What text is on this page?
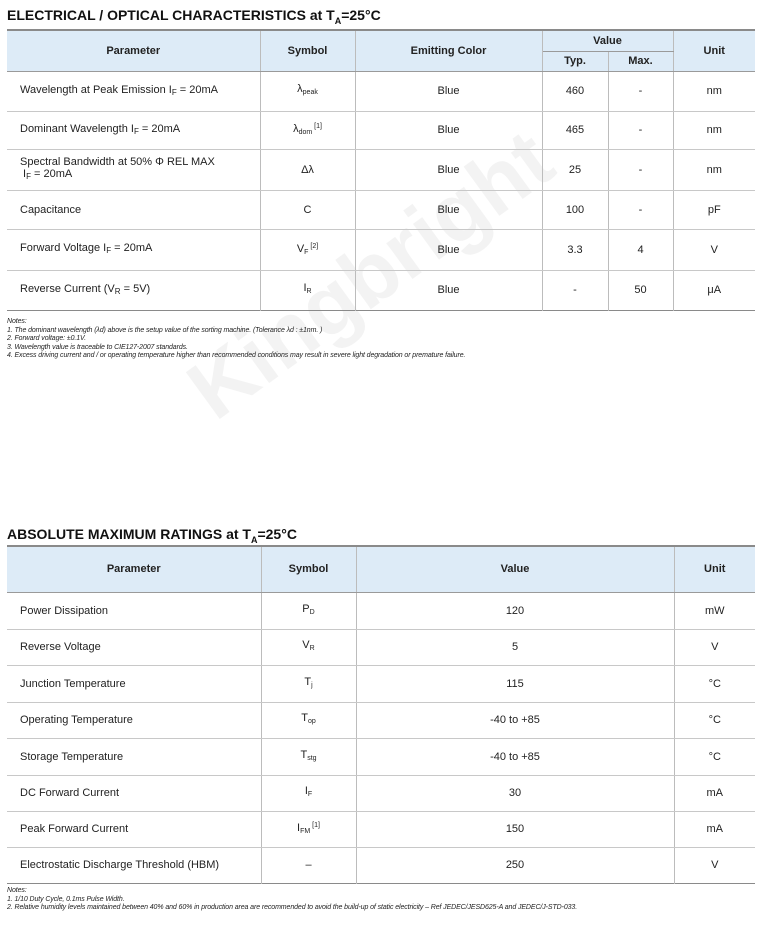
ELECTRICAL / OPTICAL CHARACTERISTICS at $T_A=25^\circ C$
Parameter	Symbol	Emitting Color	Value		Unit
			Typ.	Max.	
Wavelength at Peak Emission IF = 20mA	$\lambda_{peak}$	Blue	460	-	nm
Dominant Wavelength IF = 20mA	$\lambda_{dom}$ [1]	Blue	465	-	nm

Spectral Bandwidth at 50% Φ REL MAX
IF = 20mA	Δλ	Blue	25	-	nm
Capacitance	C	Blue	100	-	pF
Forward Voltage IF = 20mA	$V_F$ [2]	Blue	3.3	4	V
Reverse Current (VR = 5V)	$I_R$	Blue	-	50	μA
Notes:
1. The dominant wavelength (λd) above is the setup value of the sorting machine. (Tolerance λd : ±1nm. )
2. Forward voltage: ±0.1V.
3. Wavelength value is traceable to CIE127-2007 standards.
4. Excess driving current and / or operating temperature higher than recommended conditions may result in severe light degradation or premature failure.
ABSOLUTE MAXIMUM RATINGS at $T_A=25^\circ C$
Parameter	Symbol	Value	Unit
Power Dissipation	$P_D$	120	mW
Reverse Voltage	$V_R$	5	V
Junction Temperature	$T_j$	115	°C
Operating Temperature	$T_{op}$	-40 to +85	°C
Storage Temperature	$T_{stg}$	-40 to +85	°C
DC Forward Current	$I_F$	30	mA
Peak Forward Current	$I_{FM}$ [1]	150	mA
Electrostatic Discharge Threshold (HBM)	–	250	V
Notes:
1. 1/10 Duty Cycle, 0.1ms Pulse Width.
2. Relative humidity levels maintained between 40% and 60% in production area are recommended to avoid the build-up of static electricity – Ref JEDEC/JESD625-A and JEDEC/J-STD-033.
